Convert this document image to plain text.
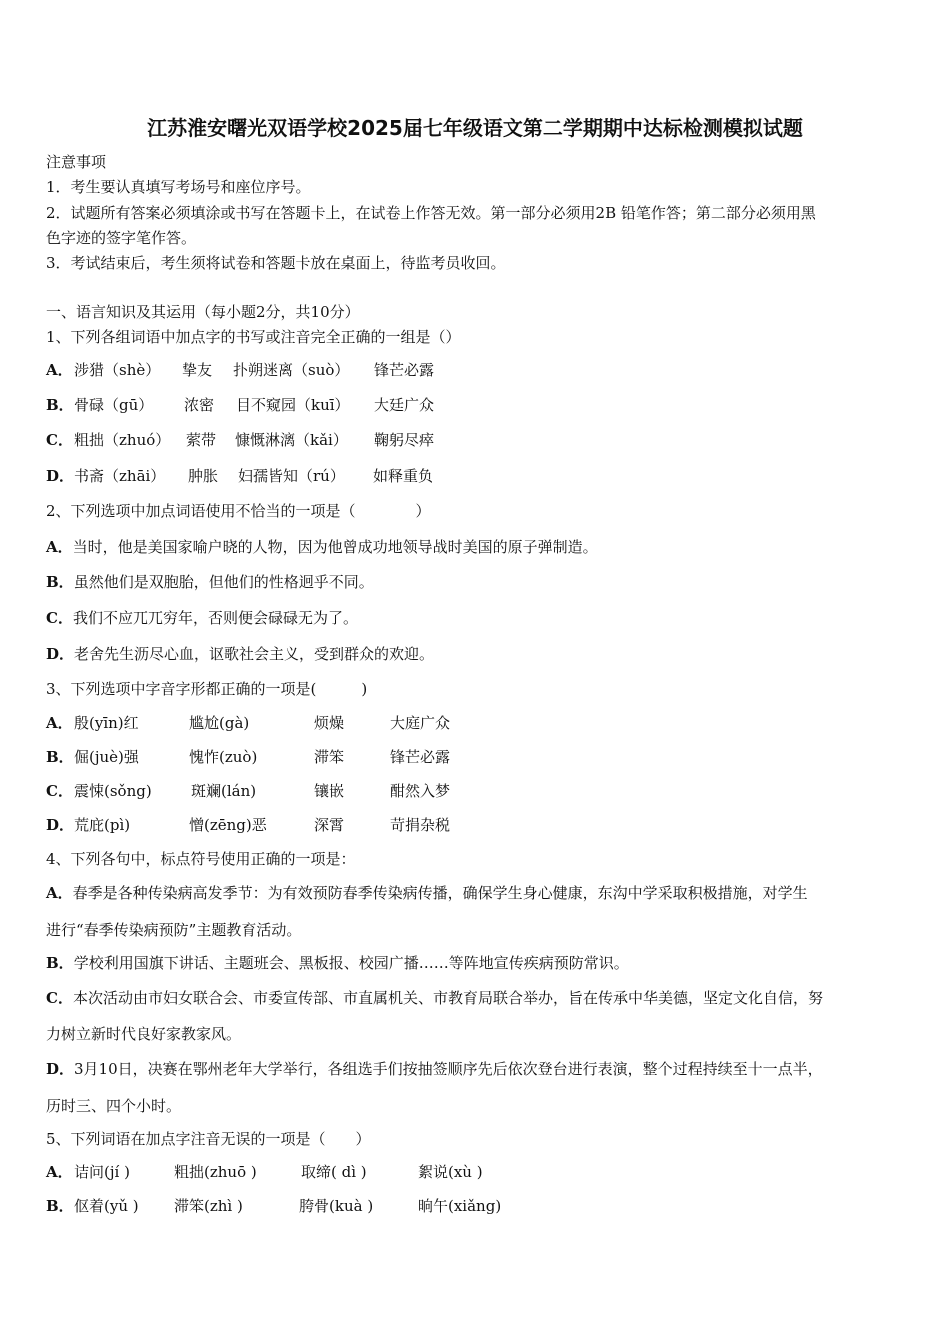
江苏淮安曙光双语学校2025届七年级语文第二学期期中达标检测模拟试题
注意事项
1．考生要认真填写考场号和座位序号。
2．试题所有答案必须填涂或书写在答题卡上，在试卷上作答无效。第一部分必须用2B 铅笔作答；第二部分必须用黑
色字迹的签字笔作答。
3．考试结束后，考生须将试卷和答题卡放在桌面上，待监考员收回。
一、语言知识及其运用（每小题2分，共10分）
1、下列各组词语中加点字的书写或注音完全正确的一组是（）
A． 涉猎（shè） 挚友 扑朔迷离（suò） 锋芒必露
B． 骨碌（gū） 浓密 目不窥园（kuī） 大廷广众
C． 粗拙（zhuó） 萦带 慷慨淋漓（kǎi） 鞠躬尽瘁
D． 书斋（zhāi） 肿胀 妇孺皆知（rú） 如释重负
2、下列选项中加点词语使用不恰当的一项是（　　　　）
A．当时，他是美国家喻户晓的人物，因为他曾成功地领导战时美国的原子弹制造。
B．虽然他们是双胞胎，但他们的性格迥乎不同。
C．我们不应兀兀穷年，否则便会碌碌无为了。
D．老舍先生沥尽心血，讴歌社会主义，受到群众的欢迎。
3、下列选项中字音字形都正确的一项是(　　　)
A． 殷(yīn)红	尴尬(gà)	烦燥	大庭广众
B． 倔(juè)强	愧怍(zuò)	滞笨	锋芒必露
C． 震悚(sǒng)	斑斓(lán)	镶嵌	酣然入梦
D． 荒庇(pì)	憎(zēng)恶	深霄	苛捐杂税
4、下列各句中，标点符号使用正确的一项是：
A．春季是各种传染病高发季节：为有效预防春季传染病传播，确保学生身心健康，东沟中学采取积极措施，对学生
进行“春季传染病预防”主题教育活动。
B．学校利用国旗下讲话、主题班会、黑板报、校园广播……等阵地宣传疾病预防常识。
C．本次活动由市妇女联合会、市委宣传部、市直属机关、市教育局联合举办，旨在传承中华美德，坚定文化自信，努
力树立新时代良好家教家风。
D．3月10日，决赛在鄂州老年大学举行，各组选手们按抽签顺序先后依次登台进行表演，整个过程持续至十一点半，
历时三、四个小时。
5、下列词语在加点字注音无误的一项是（　　）
A． 诘问(jí )	粗拙(zhuō )	取缔( dì )	絮说(xù )
B． 伛着(yǔ ) 滞笨(zhì )	胯骨(kuà )	晌午(xiǎng)
